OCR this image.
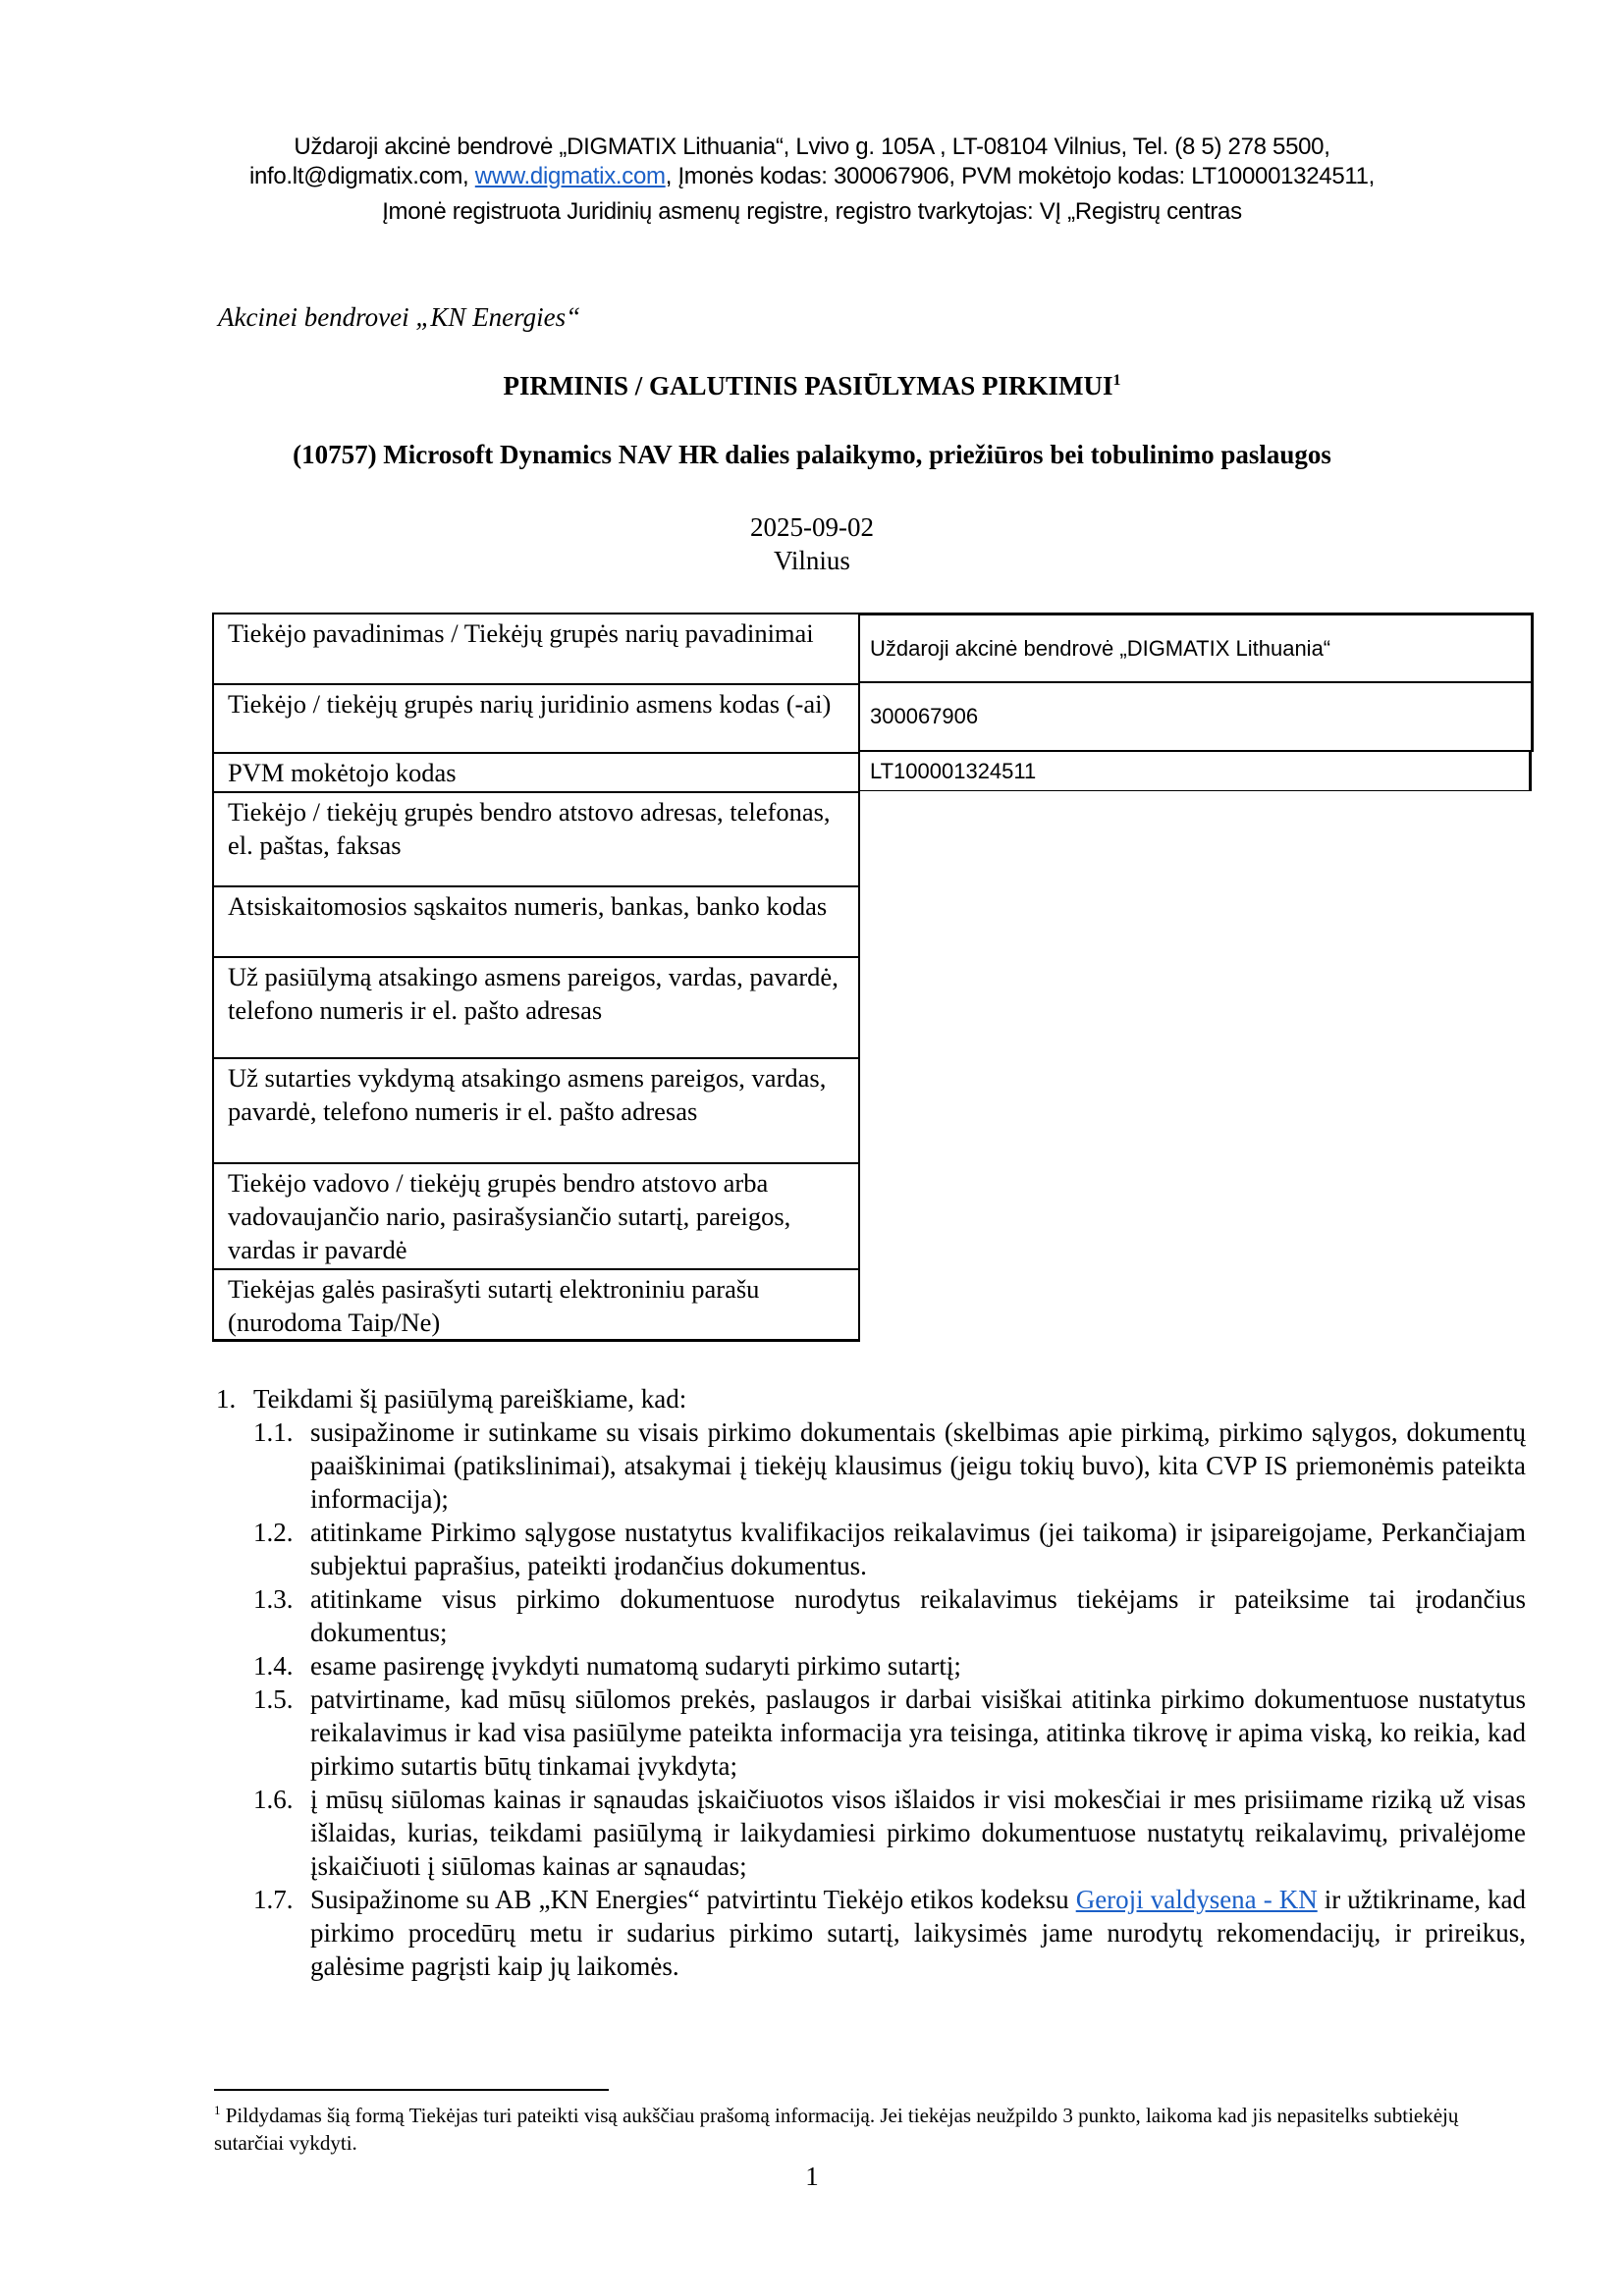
Uždaroji akcinė bendrovė „DIGMATIX Lithuania“, Lvivo g. 105A , LT-08104 Vilnius, Tel. (8 5) 278 5500,
info.lt@digmatix.com, www.digmatix.com, Įmonės kodas: 300067906, PVM mokėtojo kodas: LT100001324511,
Įmonė registruota Juridinių asmenų registre, registro tvarkytojas: VĮ „Registrų centras
Akcinei bendrovei „KN Energies“
PIRMINIS / GALUTINIS PASIŪLYMAS PIRKIMUI$^1$
(10757) Microsoft Dynamics NAV HR dalies palaikymo, priežiūros bei tobulinimo paslaugos
2025-09-02
Vilnius
Tiekėjo pavadinimas / Tiekėjų grupės narių pavadinimai
Tiekėjo / tiekėjų grupės narių juridinio asmens kodas (-ai)
PVM mokėtojo kodas
Tiekėjo / tiekėjų grupės bendro atstovo adresas, telefonas, el. paštas, faksas
Atsiskaitomosios sąskaitos numeris, bankas, banko kodas
Už pasiūlymą atsakingo asmens pareigos, vardas, pavardė, telefono numeris ir el. pašto adresas
Už sutarties vykdymą atsakingo asmens pareigos, vardas, pavardė, telefono numeris ir el. pašto adresas
Tiekėjo vadovo / tiekėjų grupės bendro atstovo arba vadovaujančio nario, pasirašysiančio sutartį, pareigos, vardas ir pavardė
Tiekėjas galės pasirašyti sutartį elektroniniu parašu (nurodoma Taip/Ne)
Uždaroji akcinė bendrovė „DIGMATIX Lithuania“
300067906
LT100001324511
1. Teikdami šį pasiūlymą pareiškiame, kad:
1.1. susipažinome ir sutinkame su visais pirkimo dokumentais (skelbimas apie pirkimą, pirkimo sąlygos, dokumentų paaiškinimai (patikslinimai), atsakymai į tiekėjų klausimus (jeigu tokių buvo), kita CVP IS priemonėmis pateikta informacija);
1.2. atitinkame Pirkimo sąlygose nustatytus kvalifikacijos reikalavimus (jei taikoma) ir įsipareigojame, Perkančiajam subjektui paprašius, pateikti įrodančius dokumentus.
1.3. atitinkame visus pirkimo dokumentuose nurodytus reikalavimus tiekėjams ir pateiksime tai įrodančius dokumentus;
1.4. esame pasirengę įvykdyti numatomą sudaryti pirkimo sutartį;
1.5. patvirtiname, kad mūsų siūlomos prekės, paslaugos ir darbai visiškai atitinka pirkimo dokumentuose nustatytus reikalavimus ir kad visa pasiūlyme pateikta informacija yra teisinga, atitinka tikrovę ir apima viską, ko reikia, kad pirkimo sutartis būtų tinkamai įvykdyta;
1.6. į mūsų siūlomas kainas ir sąnaudas įskaičiuotos visos išlaidos ir visi mokesčiai ir mes prisiimame riziką už visas išlaidas, kurias, teikdami pasiūlymą ir laikydamiesi pirkimo dokumentuose nustatytų reikalavimų, privalėjome įskaičiuoti į siūlomas kainas ar sąnaudas;
1.7. Susipažinome su AB „KN Energies“ patvirtintu Tiekėjo etikos kodeksu Geroji valdysena - KN ir užtikriname, kad pirkimo procedūrų metu ir sudarius pirkimo sutartį, laikysimės jame nurodytų rekomendacijų, ir prireikus, galėsime pagrįsti kaip jų laikomės.
$^1$ Pildydamas šią formą Tiekėjas turi pateikti visą aukščiau prašomą informaciją. Jei tiekėjas neužpildo 3 punkto, laikoma kad jis nepasitelks subtiekėjų sutarčiai vykdyti.
1
